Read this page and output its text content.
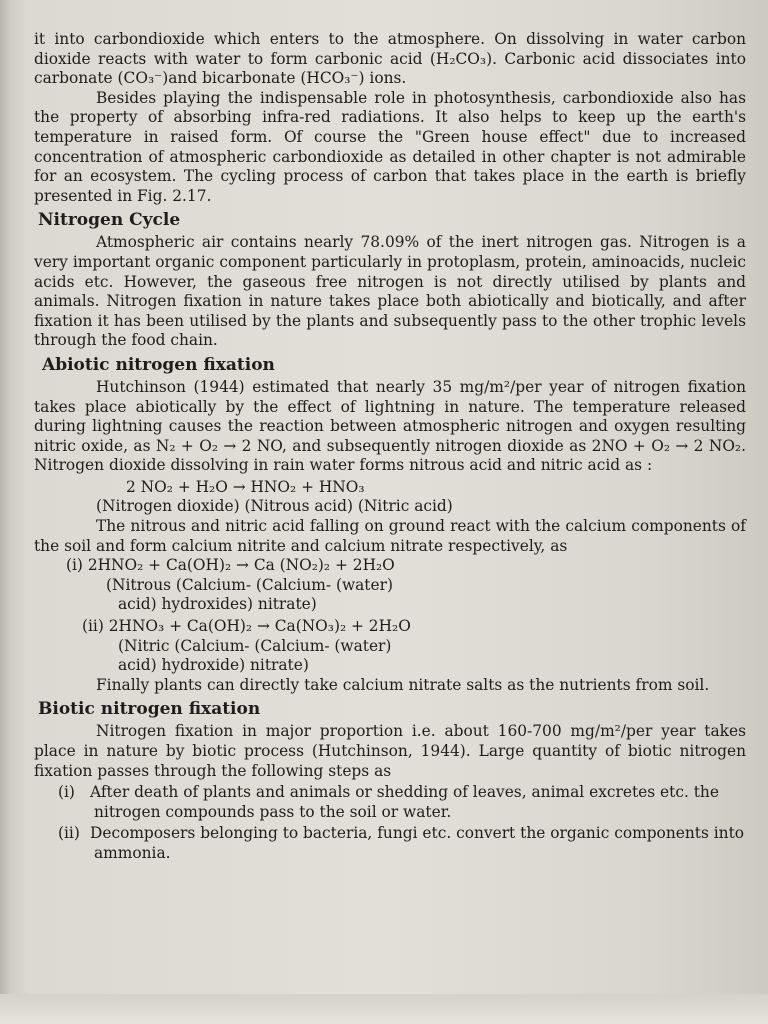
it into carbondioxide which enters to the atmosphere. On dissolving in water carbon dioxide reacts with water to form carbonic acid (H₂CO₃). Carbonic acid dissociates into carbonate (CO₃⁻)and bicarbonate (HCO₃⁻) ions.

Besides playing the indispensable role in photosynthesis, carbondioxide also has the property of absorbing infra-red radiations. It also helps to keep up the earth's temperature in raised form. Of course the "Green house effect" due to increased concentration of atmospheric carbondioxide as detailed in other chapter is not admirable for an ecosystem. The cycling process of carbon that takes place in the earth is briefly presented in Fig. 2.17.

Nitrogen Cycle

Atmospheric air contains nearly 78.09% of the inert nitrogen gas. Nitrogen is a very important organic component particularly in protoplasm, protein, aminoacids, nucleic acids etc. However, the gaseous free nitrogen is not directly utilised by plants and animals. Nitrogen fixation in nature takes place both abiotically and biotically, and after fixation it has been utilised by the plants and subsequently pass to the other trophic levels through the food chain.

Abiotic nitrogen fixation

Hutchinson (1944) estimated that nearly 35 mg/m²/per year of nitrogen fixation takes place abiotically by the effect of lightning in nature. The temperature released during lightning causes the reaction between atmospheric nitrogen and oxygen resulting nitric oxide, as N₂ + O₂ → 2 NO, and subsequently nitrogen dioxide as 2NO + O₂ → 2 NO₂. Nitrogen dioxide dissolving in rain water forms nitrous acid and nitric acid as :

2 NO₂ + H₂O → HNO₂ + HNO₃
(Nitrogen dioxide) (Nitrous acid) (Nitric acid)

The nitrous and nitric acid falling on ground react with the calcium components of the soil and form calcium nitrite and calcium nitrate respectively, as

(i) 2HNO₂ + Ca(OH)₂ → Ca (NO₂)₂ + 2H₂O
(Nitrous (Calcium- (Calcium- (water)
acid) hydroxides) nitrate)
(ii) 2HNO₃ + Ca(OH)₂ → Ca(NO₃)₂ + 2H₂O
(Nitric (Calcium- (Calcium- (water)
acid) hydroxide) nitrate)

Finally plants can directly take calcium nitrate salts as the nutrients from soil.

Biotic nitrogen fixation

Nitrogen fixation in major proportion i.e. about 160-700 mg/m²/per year takes place in nature by biotic process (Hutchinson, 1944). Large quantity of biotic nitrogen fixation passes through the following steps as

(i) After death of plants and animals or shedding of leaves, animal excretes etc. the nitrogen compounds pass to the soil or water.
(ii) Decomposers belonging to bacteria, fungi etc. convert the organic components into ammonia.
